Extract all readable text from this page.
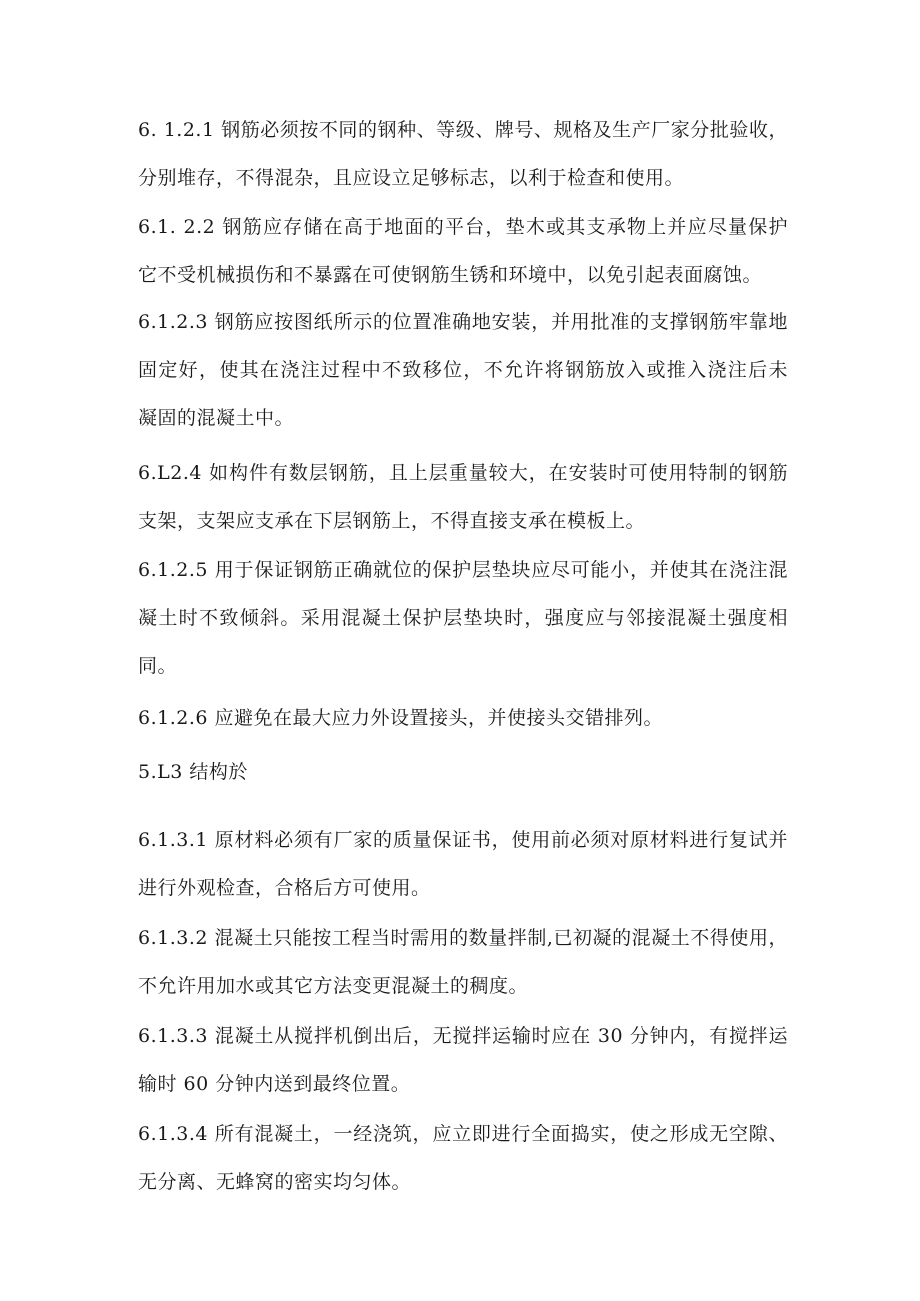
6. 1.2.1 钢筋必须按不同的钢种、等级、牌号、规格及生产厂家分批验收，
分别堆存，不得混杂，且应设立足够标志，以利于检查和使用。
6.1. 2.2 钢筋应存储在高于地面的平台，垫木或其支承物上并应尽量保护
它不受机械损伤和不暴露在可使钢筋生锈和环境中，以免引起表面腐蚀。
6.1.2.3 钢筋应按图纸所示的位置准确地安装，并用批准的支撑钢筋牢靠地
固定好，使其在浇注过程中不致移位，不允许将钢筋放入或推入浇注后未
凝固的混凝土中。
6.L2.4 如构件有数层钢筋，且上层重量较大，在安装时可使用特制的钢筋
支架，支架应支承在下层钢筋上，不得直接支承在模板上。
6.1.2.5 用于保证钢筋正确就位的保护层垫块应尽可能小，并使其在浇注混
凝土时不致倾斜。采用混凝土保护层垫块时，强度应与邻接混凝土强度相
同。
6.1.2.6 应避免在最大应力外设置接头，并使接头交错排列。
5.L3 结构於
6.1.3.1 原材料必须有厂家的质量保证书，使用前必须对原材料进行复试并
进行外观检查，合格后方可使用。
6.1.3.2 混凝土只能按工程当时需用的数量拌制,已初凝的混凝土不得使用，
不允许用加水或其它方法变更混凝土的稠度。
6.1.3.3 混凝土从搅拌机倒出后，无搅拌运输时应在 30 分钟内，有搅拌运
输时 60 分钟内送到最终位置。
6.1.3.4 所有混凝土，一经浇筑，应立即进行全面捣实，使之形成无空隙、
无分离、无蜂窝的密实均匀体。
